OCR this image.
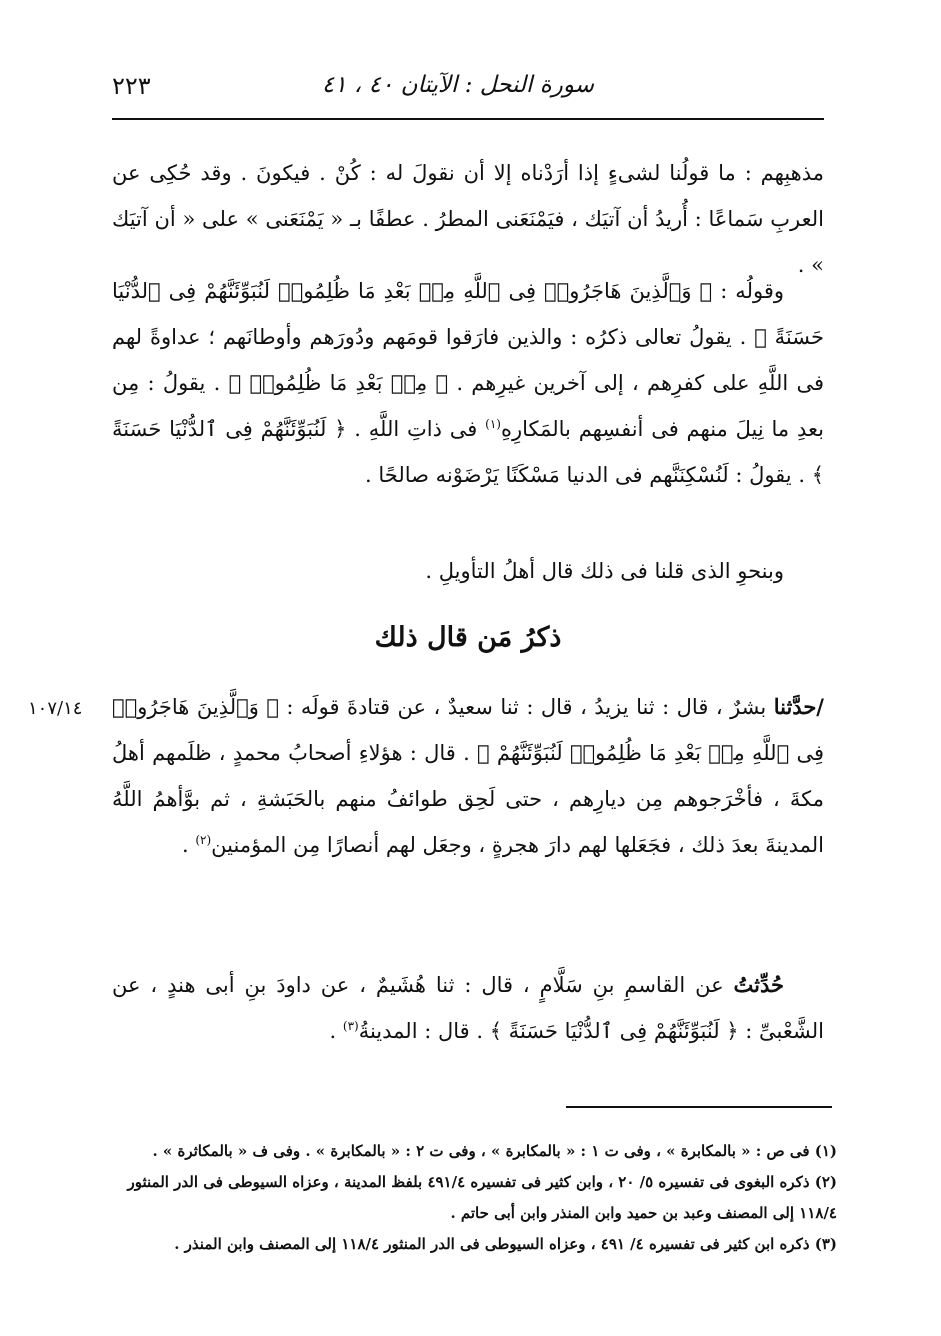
٢٢٣	سورة النحل : الآيتان ٤٠ ، ٤١

مذهبِهم : ما قولُنا لشىءٍ إذا أرَدْناه إلا أن نقولَ له : كُنْ . فيكونَ . وقد حُكِى عن العربِ سَماعًا : أُريدُ أن آتيَك ، فيَمْنَعَنى المطرُ . عطفًا بـ « يَمْنَعَنى » على « أن آتيَك » .

وقولُه : ﴿ وَٱلَّذِينَ هَاجَرُوا۟ فِى ٱللَّهِ مِنۢ بَعْدِ مَا ظُلِمُوا۟ لَنُبَوِّئَنَّهُمْ فِى ٱلدُّنْيَا حَسَنَةً ﴾ . يقولُ تعالى ذكرُه : والذين فارَقوا قومَهم ودُورَهم وأوطانَهم ؛ عداوةً لهم فى اللَّهِ على كفرِهم ، إلى آخرين غيرِهم . ﴿ مِنۢ بَعْدِ مَا ظُلِمُوا۟ ﴾ . يقولُ : مِن بعدِ ما نِيلَ منهم فى أنفسِهم بالمَكارِهِ$^{(١)}$ فى ذاتِ اللَّهِ . ﴿ لَنُبَوِّئَنَّهُمْ فِى ٱلدُّنْيَا حَسَنَةً ﴾ . يقولُ : لَنُسْكِنَنَّهم فى الدنيا مَسْكَنًا يَرْضَوْنه صالحًا .

وبنحوِ الذى قلنا فى ذلك قال أهلُ التأويلِ .

ذكرُ مَن قال ذلك
١٠٧/١٤	/حدَّثنا بشرٌ ، قال : ثنا يزيدُ ، قال : ثنا سعيدٌ ، عن قتادةَ قولَه : ﴿ وَٱلَّذِينَ هَاجَرُوا۟ فِى ٱللَّهِ مِنۢ بَعْدِ مَا ظُلِمُوا۟ لَنُبَوِّئَنَّهُمْ ﴾ . قال : هؤلاءِ أصحابُ محمدٍ ، ظلَمهم أهلُ مكةَ ، فأخْرَجوهم مِن ديارِهم ، حتى لَحِق طوائفُ منهم بالحَبَشةِ ، ثم بوَّأهمُ اللَّهُ المدينةَ بعدَ ذلك ، فجَعَلها لهم دارَ هجرةٍ ، وجعَل لهم أنصارًا مِن المؤمنين$^{(٢)}$ .

حُدِّثتُ عن القاسمِ بنِ سَلَّامٍ ، قال : ثنا هُشَيمٌ ، عن داودَ بنِ أبى هندٍ ، عن الشَّعْبىِّ : ﴿ لَنُبَوِّئَنَّهُمْ فِى ٱلدُّنْيَا حَسَنَةً ﴾ . قال : المدينةُ$^{(٣)}$ .

(١) فى ص : « بالمكابرة » ، وفى ت ١ : « بالمكابرة » ، وفى ت ٢ : « بالمكابرة » . وفى ف « بالمكاثرة » .

(٢) ذكره البغوى فى تفسيره ٥/ ٢٠ ، وابن كثير فى تفسيره ٤٩١/٤ بلفظ المدينة ، وعزاه السيوطى فى الدر المنثور ١١٨/٤ إلى المصنف وعبد بن حميد وابن المنذر وابن أبى حاتم .

(٣) ذكره ابن كثير فى تفسيره ٤/ ٤٩١ ، وعزاه السيوطى فى الدر المنثور ١١٨/٤ إلى المصنف وابن المنذر .
